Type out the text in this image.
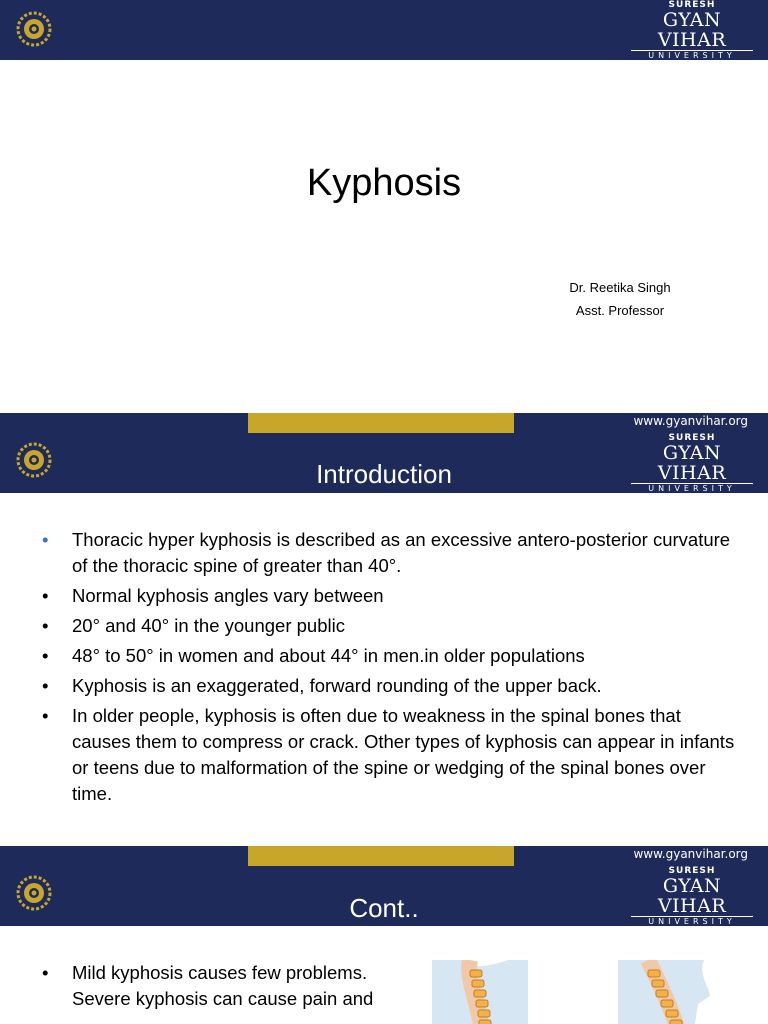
SURESH
GYAN VIHAR
UNIVERSITY
Accredited by NAAC with 'A' Grade
Kyphosis
Dr. Reetika Singh
Asst. Professor
www.gyanvihar.org
Introduction
SURESH
GYAN VIHAR
UNIVERSITY
Accredited by NAAC with 'A' Grade
•	Thoracic hyper kyphosis is described as an excessive antero-posterior curvature of the thoracic spine of greater than 40°.
•	Normal kyphosis angles vary between
•	20° and 40° in the younger public
•	48° to 50° in women and about 44° in men.in older populations
•	Kyphosis is an exaggerated, forward rounding of the upper back.
•	In older people, kyphosis is often due to weakness in the spinal bones that causes them to compress or crack. Other types of kyphosis can appear in infants or teens due to malformation of the spine or wedging of the spinal bones over time.
www.gyanvihar.org
Cont..
SURESH
GYAN VIHAR
UNIVERSITY
Accredited by NAAC with 'A' Grade
•	Mild kyphosis causes few problems. Severe kyphosis can cause pain and
